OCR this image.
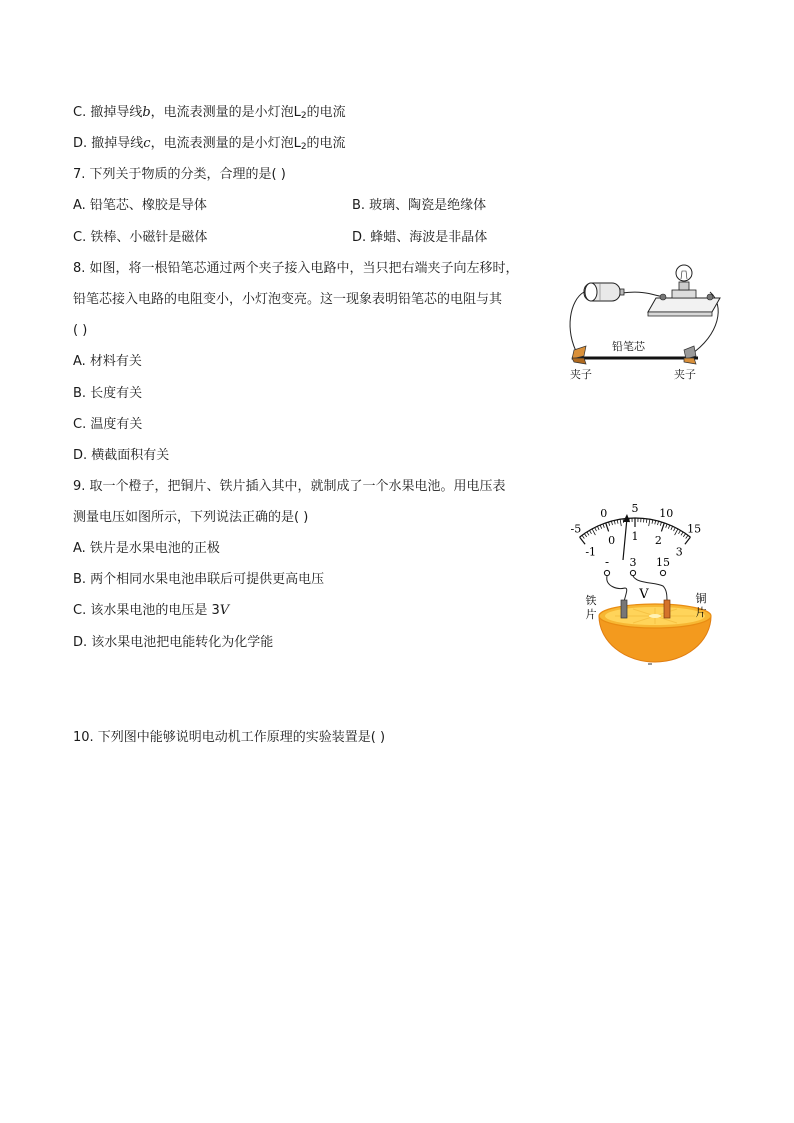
C. 撤掉导线b，电流表测量的是小灯泡$L_2$的电流
D. 撤掉导线c，电流表测量的是小灯泡$L_2$的电流
7. 下列关于物质的分类，合理的是( )
A. 铅笔芯、橡胶是导体	B. 玻璃、陶瓷是绝缘体
C. 铁棒、小磁针是磁体	D. 蜂蜡、海波是非晶体
8. 如图，将一根铅笔芯通过两个夹子接入电路中，当只把右端夹子向左移时，
铅笔芯接入电路的电阻变小，小灯泡变亮。这一现象表明铅笔芯的电阻与其
( )
A. 材料有关
B. 长度有关
C. 温度有关
D. 横截面积有关
铅笔芯
夹子	夹子
9. 取一个橙子，把铜片、铁片插入其中，就制成了一个水果电池。用电压表
测量电压如图所示，下列说法正确的是( )
A. 铁片是水果电池的正极
B. 两个相同水果电池串联后可提供更高电压
C. 该水果电池的电压是 3V
D. 该水果电池把电能转化为化学能
-5
0 5 10
15
-1
0 1 2
3
- 3 15
V
铁
片
铜
片
10. 下列图中能够说明电动机工作原理的实验装置是( )
